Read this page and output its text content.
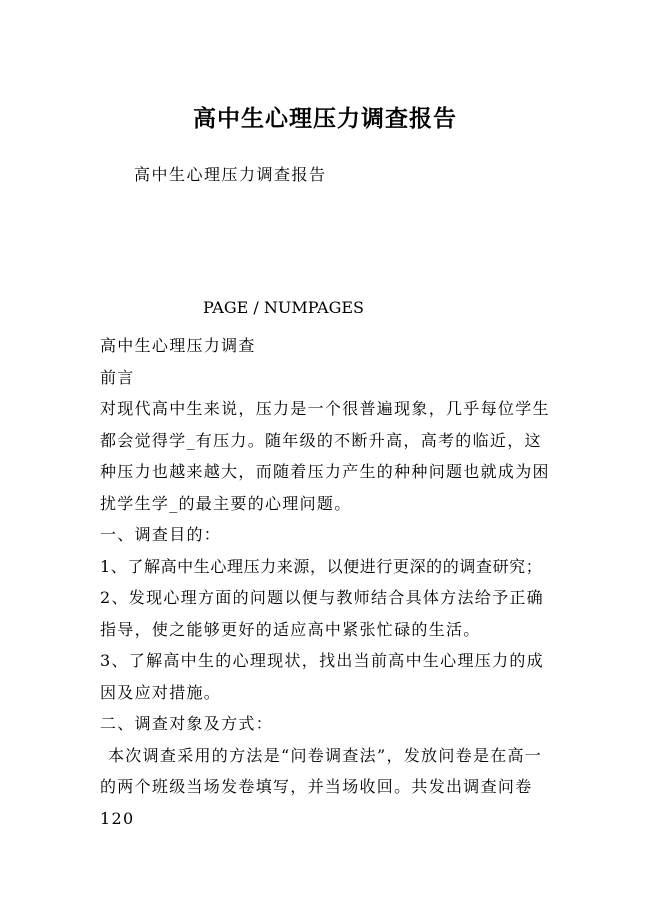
高中生心理压力调查报告
高中生心理压力调查报告
PAGE / NUMPAGES

高中生心理压力调查

前言

对现代高中生来说，压力是一个很普遍现象，几乎每位学生都会觉得学_有压力。随年级的不断升高，高考的临近，这种压力也越来越大，而随着压力产生的种种问题也就成为困扰学生学_的最主要的心理问题。

一、调查目的：

1、了解高中生心理压力来源，以便进行更深的的调查研究；

2、发现心理方面的问题以便与教师结合具体方法给予正确指导，使之能够更好的适应高中紧张忙碌的生活。

3、了解高中生的心理现状，找出当前高中生心理压力的成因及应对措施。

二、调查对象及方式：

本次调查采用的方法是“问卷调查法”，发放问卷是在高一的两个班级当场发卷填写，并当场收回。共发出调查问卷120
